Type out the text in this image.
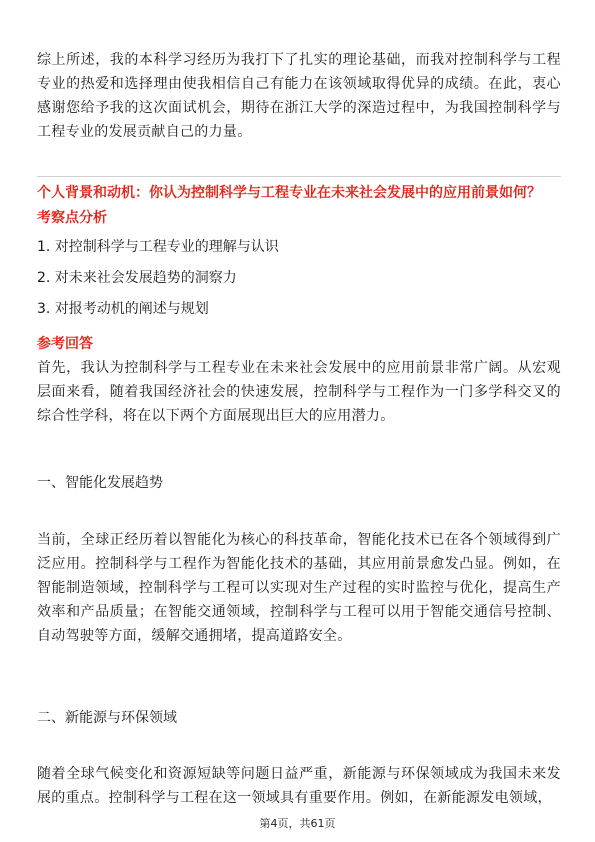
综上所述，我的本科学习经历为我打下了扎实的理论基础，而我对控制科学与工程专业的热爱和选择理由使我相信自己有能力在该领域取得优异的成绩。在此，衷心感谢您给予我的这次面试机会，期待在浙江大学的深造过程中，为我国控制科学与工程专业的发展贡献自己的力量。

个人背景和动机：你认为控制科学与工程专业在未来社会发展中的应用前景如何？

考察点分析

1. 对控制科学与工程专业的理解与认识
2. 对未来社会发展趋势的洞察力
3. 对报考动机的阐述与规划

参考回答

首先，我认为控制科学与工程专业在未来社会发展中的应用前景非常广阔。从宏观层面来看，随着我国经济社会的快速发展，控制科学与工程作为一门多学科交叉的综合性学科，将在以下两个方面展现出巨大的应用潜力。

一、智能化发展趋势

当前，全球正经历着以智能化为核心的科技革命，智能化技术已在各个领域得到广泛应用。控制科学与工程作为智能化技术的基础，其应用前景愈发凸显。例如，在智能制造领域，控制科学与工程可以实现对生产过程的实时监控与优化，提高生产效率和产品质量；在智能交通领域，控制科学与工程可以用于智能交通信号控制、自动驾驶等方面，缓解交通拥堵，提高道路安全。

二、新能源与环保领域

随着全球气候变化和资源短缺等问题日益严重，新能源与环保领域成为我国未来发展的重点。控制科学与工程在这一领域具有重要作用。例如，在新能源发电领域，

第4页，共61页
